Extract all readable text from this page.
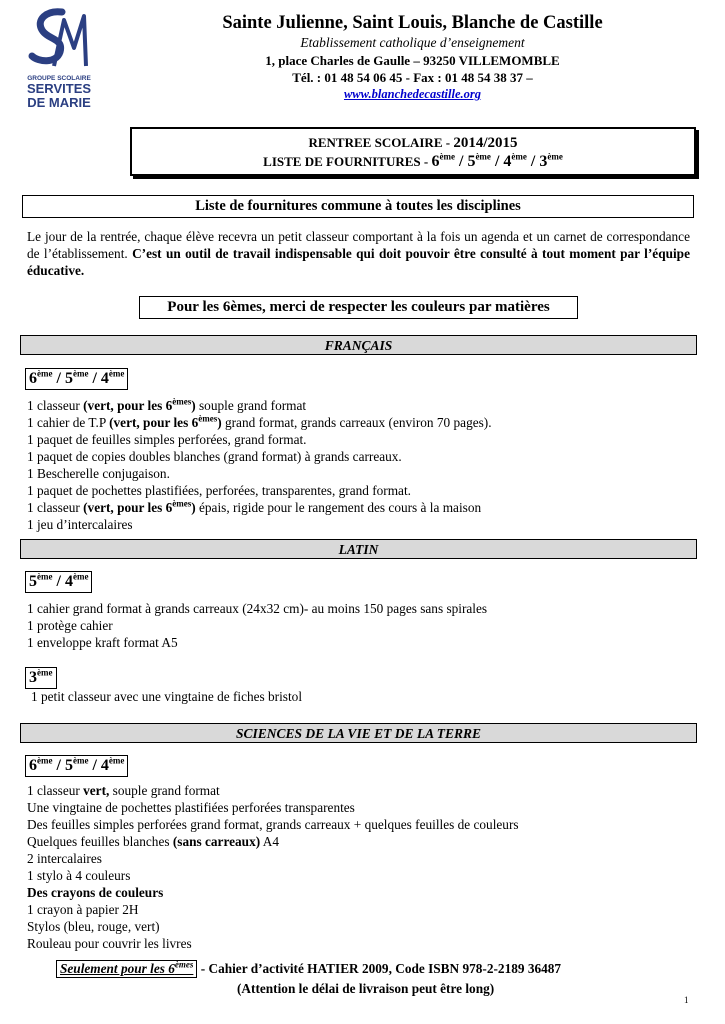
GROUPE SCOLAIRE
SERVITES
DE MARIE
Sainte Julienne, Saint Louis, Blanche de Castille
Etablissement catholique d’enseignement
1, place Charles de Gaulle – 93250 VILLEMOMBLE
Tél. : 01 48 54 06 45 - Fax : 01 48 54 38 37 –
www.blanchedecastille.org
RENTREE SCOLAIRE - 2014/2015
LISTE DE FOURNITURES - 6ème / 5ème / 4ème / 3ème
Liste de fournitures commune à toutes les disciplines

Le jour de la rentrée, chaque élève recevra un petit classeur comportant à la fois un agenda et un carnet de correspondance de l’établissement. C’est un outil de travail indispensable qui doit pouvoir être consulté à tout moment par l’équipe éducative.

Pour les 6èmes, merci de respecter les couleurs par matières
FRANÇAIS
6ème / 5ème / 4ème

1 classeur (vert, pour les 6èmes) souple grand format

1 cahier de T.P (vert, pour les 6èmes) grand format, grands carreaux (environ 70 pages).

1 paquet de feuilles simples perforées, grand format.

1 paquet de copies doubles blanches (grand format) à grands carreaux.

1 Bescherelle conjugaison.

1 paquet de pochettes plastifiées, perforées, transparentes, grand format.

1 classeur (vert, pour les 6èmes) épais, rigide pour le rangement des cours à la maison

1 jeu d’intercalaires

LATIN
5ème / 4ème

1 cahier grand format à grands carreaux (24x32 cm)- au moins 150 pages sans spirales

1 protège cahier

1 enveloppe kraft format A5

3ème

1 petit classeur avec une vingtaine de fiches bristol

SCIENCES DE LA VIE ET DE LA TERRE
6ème / 5ème / 4ème

1 classeur vert, souple grand format

Une vingtaine de pochettes plastifiées perforées transparentes

Des feuilles simples perforées grand format, grands carreaux + quelques feuilles de couleurs

Quelques feuilles blanches (sans carreaux) A4

2 intercalaires

1 stylo à 4 couleurs

Des crayons de couleurs

1 crayon à papier 2H

Stylos (bleu, rouge, vert)

Rouleau pour couvrir les livres

Seulement pour les 6èmes - Cahier d’activité HATIER 2009, Code ISBN 978-2-2189 36487
(Attention le délai de livraison peut être long)
1
